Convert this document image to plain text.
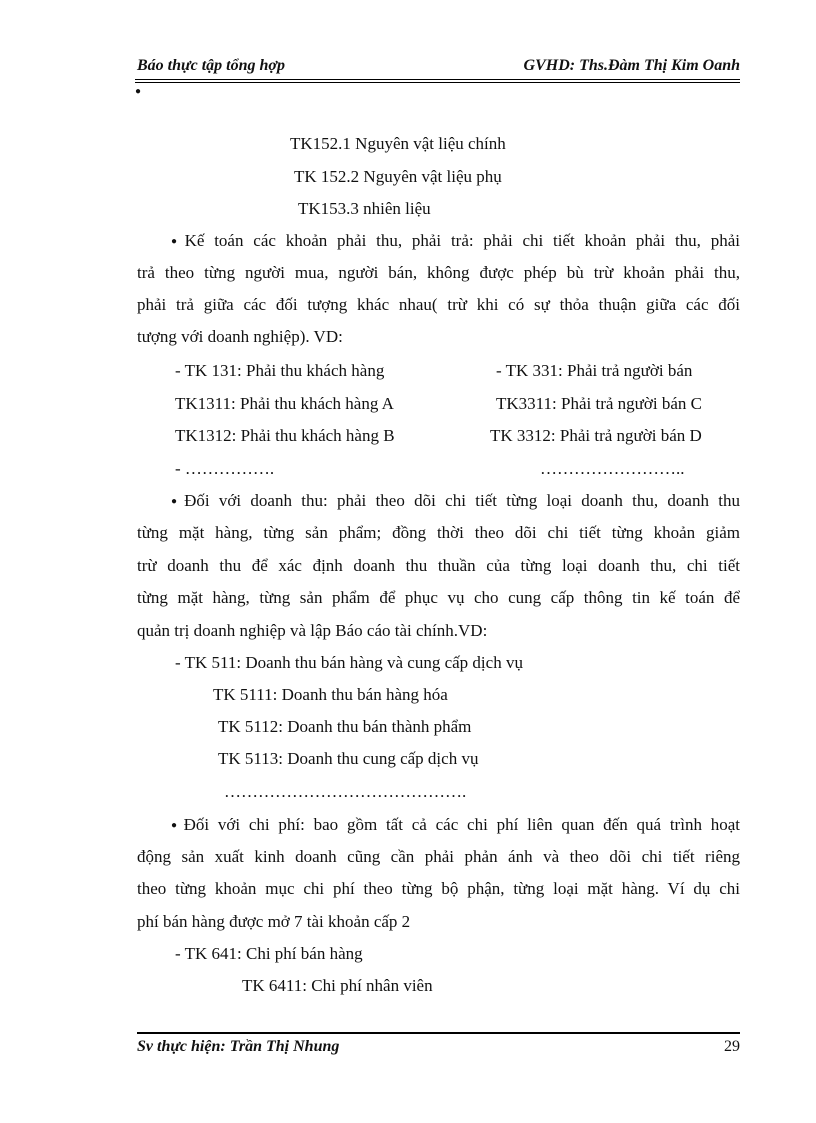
Báo thực tập tổng hợp	GVHD: Ths.Đàm Thị Kim Oanh
●
TK152.1 Nguyên vật liệu chính
TK 152.2 Nguyên vật liệu phụ
TK153.3 nhiên liệu
● Kế toán các khoản phải thu, phải trả: phải chi tiết khoản phải thu, phải
trả theo từng người mua, người bán, không được phép bù trừ khoản phải thu,
phải trả giữa các đối tượng khác nhau( trừ khi có sự thỏa thuận giữa các đối
tượng với doanh nghiệp). VD:
- TK 131: Phải thu khách hàng	- TK 331: Phải trả người bán
TK1311: Phải thu khách hàng A	TK3311: Phải trả người bán C
TK1312: Phải thu khách hàng B	TK 3312: Phải trả người bán D
- …………….	……………………..
● Đối với doanh thu: phải theo dõi chi tiết từng loại doanh thu, doanh thu
từng mặt hàng, từng sản phẩm; đồng thời theo dõi chi tiết từng khoản giảm
trừ doanh thu để xác định doanh thu thuần của từng loại doanh thu, chi tiết
từng mặt hàng, từng sản phẩm để phục vụ cho cung cấp thông tin kế toán để
quản trị doanh nghiệp và lập Báo cáo tài chính.VD:
- TK 511: Doanh thu bán hàng và cung cấp dịch vụ
TK 5111: Doanh thu bán hàng hóa
TK 5112: Doanh thu bán thành phẩm
TK 5113: Doanh thu cung cấp dịch vụ
…………………………………….
● Đối với chi phí: bao gồm tất cả các chi phí liên quan đến quá trình hoạt
động sản xuất kinh doanh cũng cần phải phản ánh và theo dõi chi tiết riêng
theo từng khoản mục chi phí theo từng bộ phận, từng loại mặt hàng. Ví dụ chi
phí bán hàng được mở 7 tài khoản cấp 2
- TK 641: Chi phí bán hàng
TK 6411: Chi phí nhân viên
Sv thực hiện: Trần Thị Nhung	29
